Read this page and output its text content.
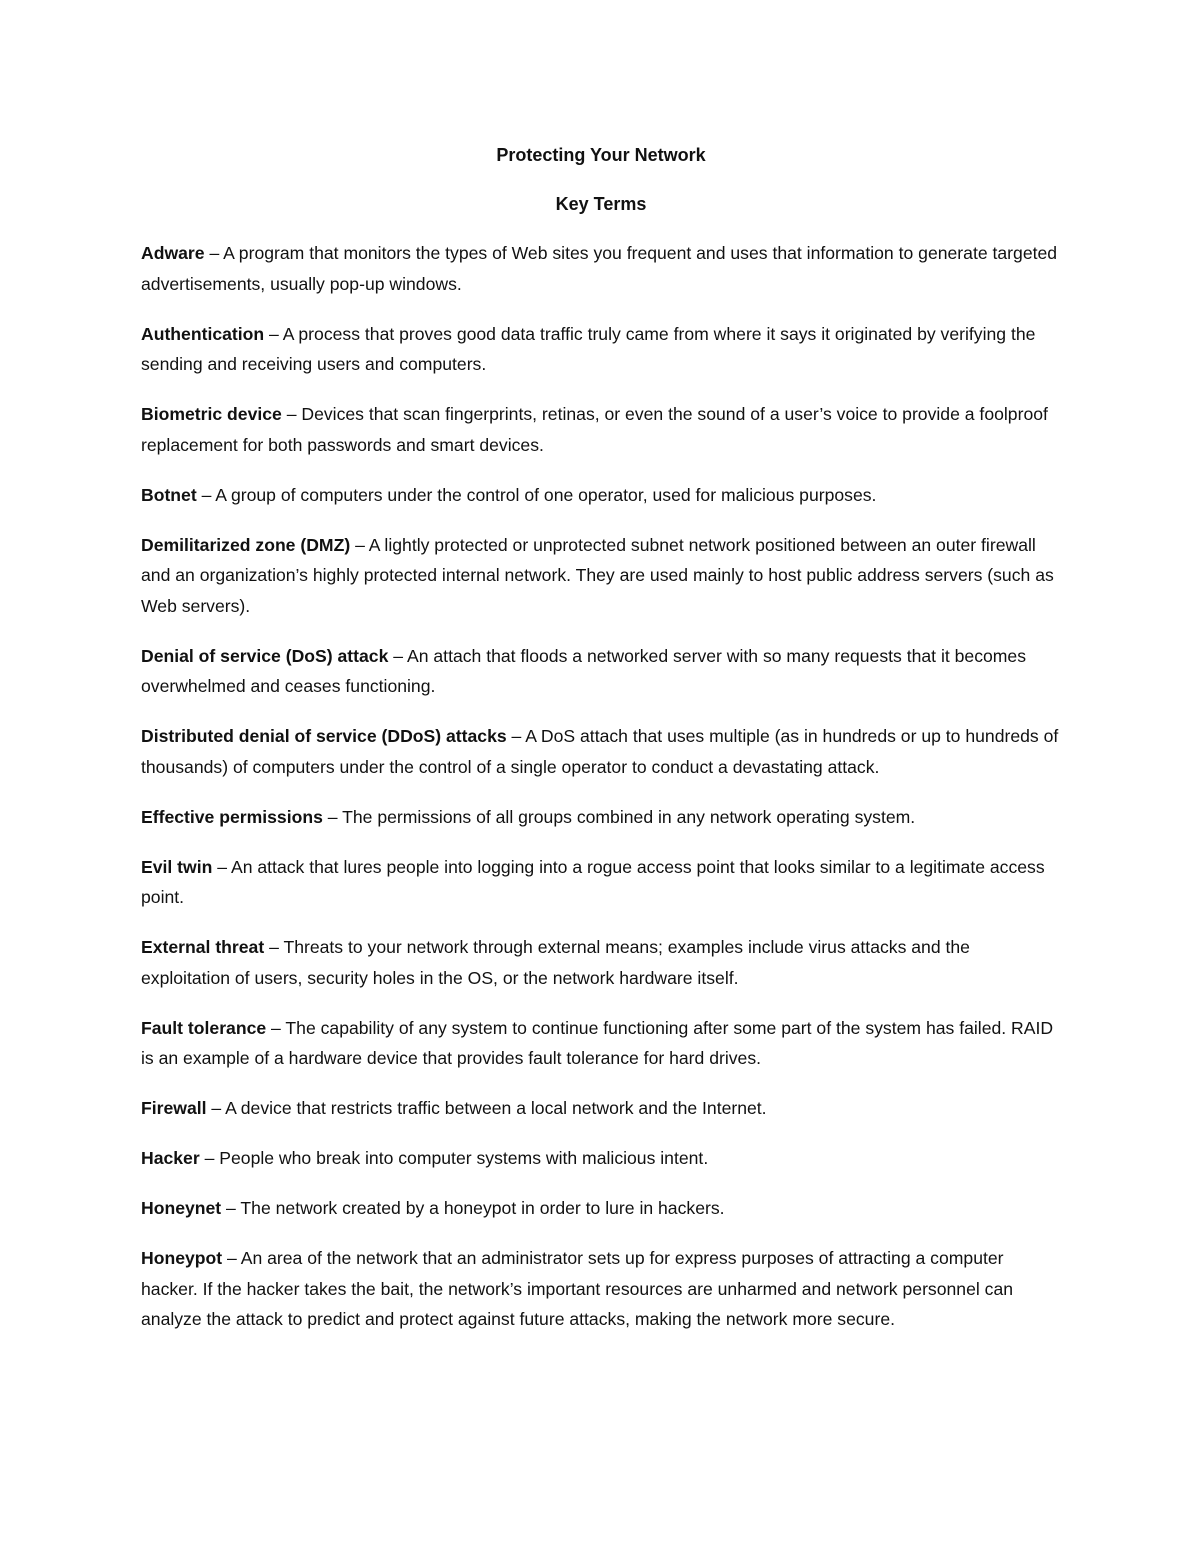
Protecting Your Network
Key Terms

Adware – A program that monitors the types of Web sites you frequent and uses that information to generate targeted advertisements, usually pop-up windows.

Authentication – A process that proves good data traffic truly came from where it says it originated by verifying the sending and receiving users and computers.

Biometric device – Devices that scan fingerprints, retinas, or even the sound of a user’s voice to provide a foolproof replacement for both passwords and smart devices.

Botnet – A group of computers under the control of one operator, used for malicious purposes.

Demilitarized zone (DMZ) – A lightly protected or unprotected subnet network positioned between an outer firewall and an organization’s highly protected internal network. They are used mainly to host public address servers (such as Web servers).

Denial of service (DoS) attack – An attach that floods a networked server with so many requests that it becomes overwhelmed and ceases functioning.

Distributed denial of service (DDoS) attacks – A DoS attach that uses multiple (as in hundreds or up to hundreds of thousands) of computers under the control of a single operator to conduct a devastating attack.

Effective permissions – The permissions of all groups combined in any network operating system.

Evil twin – An attack that lures people into logging into a rogue access point that looks similar to a legitimate access point.

External threat – Threats to your network through external means; examples include virus attacks and the exploitation of users, security holes in the OS, or the network hardware itself.

Fault tolerance – The capability of any system to continue functioning after some part of the system has failed. RAID is an example of a hardware device that provides fault tolerance for hard drives.

Firewall – A device that restricts traffic between a local network and the Internet.

Hacker – People who break into computer systems with malicious intent.

Honeynet – The network created by a honeypot in order to lure in hackers.

Honeypot – An area of the network that an administrator sets up for express purposes of attracting a computer hacker. If the hacker takes the bait, the network’s important resources are unharmed and network personnel can analyze the attack to predict and protect against future attacks, making the network more secure.
